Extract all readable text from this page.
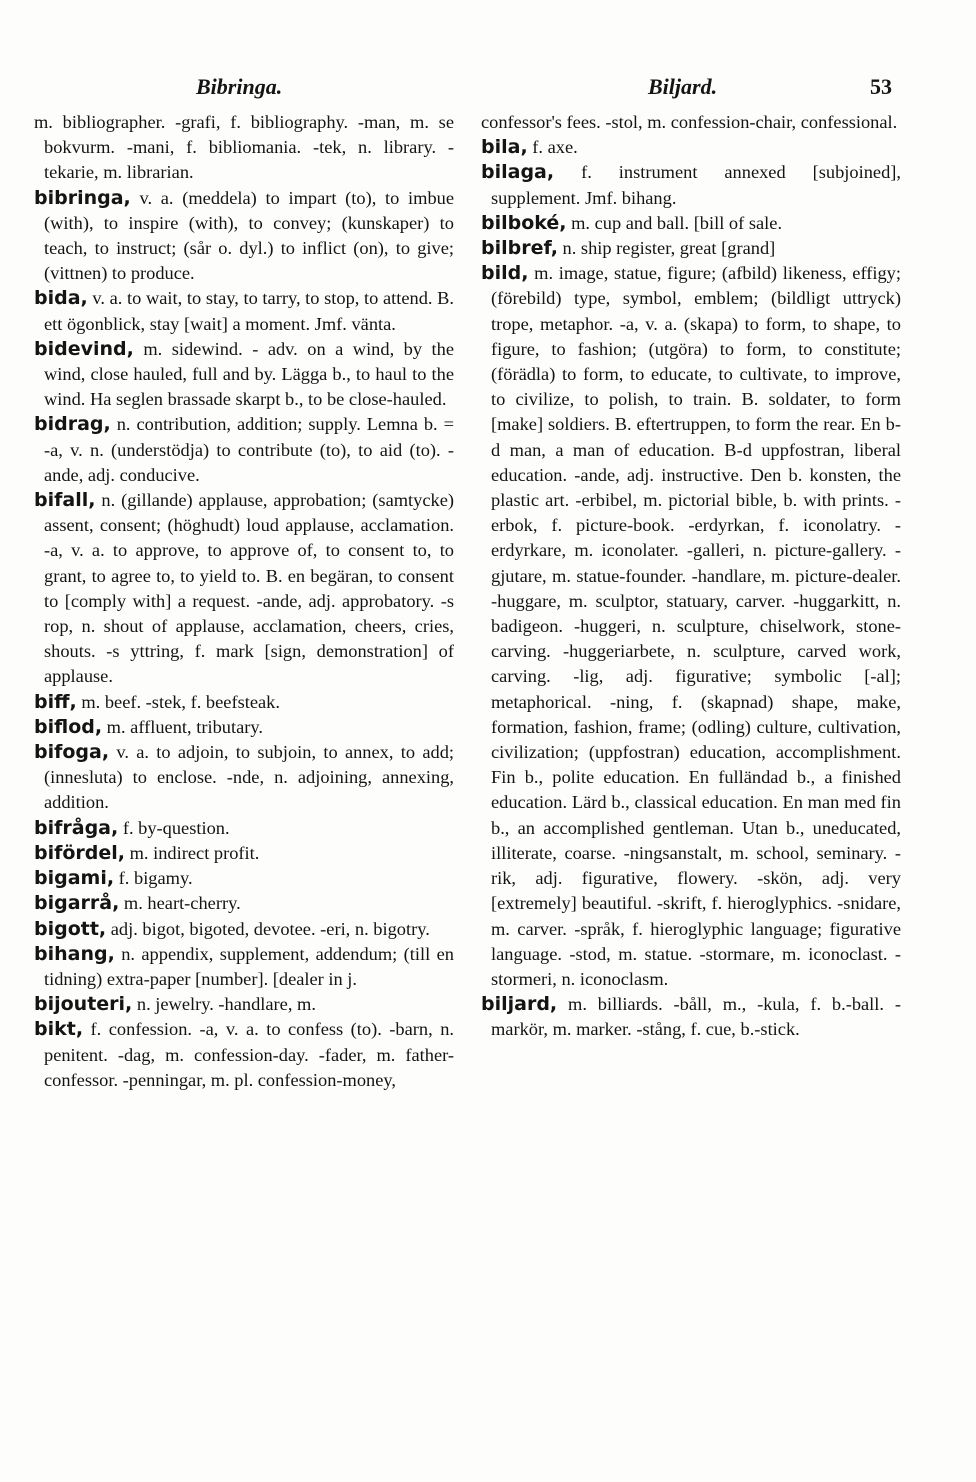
Bibringa.	Biljard.	53

m. bibliographer. -grafi, f. bibliography. -man, m. se bokvurm. -mani, f. bibliomania. -tek, n. library. -tekarie, m. librarian.

bibringa, v. a. (meddela) to impart (to), to imbue (with), to inspire (with), to convey; (kunskaper) to teach, to instruct; (sår o. dyl.) to inflict (on), to give; (vittnen) to produce.

bida, v. a. to wait, to stay, to tarry, to stop, to attend. B. ett ögonblick, stay [wait] a moment. Jmf. vänta.

bidevind, m. sidewind. - adv. on a wind, by the wind, close hauled, full and by. Lägga b., to haul to the wind. Ha seglen brassade skarpt b., to be close-hauled.

bidrag, n. contribution, addition; supply. Lemna b. = -a, v. n. (understödja) to contribute (to), to aid (to). -ande, adj. conducive.

bifall, n. (gillande) applause, approbation; (samtycke) assent, consent; (höghudt) loud applause, acclamation. -a, v. a. to approve, to approve of, to consent to, to grant, to agree to, to yield to. B. en begäran, to consent to [comply with] a request. -ande, adj. approbatory. -s rop, n. shout of applause, acclamation, cheers, cries, shouts. -s yttring, f. mark [sign, demonstration] of applause.

biff, m. beef. -stek, f. beefsteak.

biflod, m. affluent, tributary.

bifoga, v. a. to adjoin, to subjoin, to annex, to add; (innesluta) to enclose. -nde, n. adjoining, annexing, addition.

bifråga, f. by-question.

bifördel, m. indirect profit.

bigami, f. bigamy.

bigarrå, m. heart-cherry.

bigott, adj. bigot, bigoted, devotee. -eri, n. bigotry.

bihang, n. appendix, supplement, addendum; (till en tidning) extra-paper [number]. [dealer in j.

bijouteri, n. jewelry. -handlare, m.

bikt, f. confession. -a, v. a. to confess (to). -barn, n. penitent. -dag, m. confession-day. -fader, m. father-confessor. -penningar, m. pl. confession-money,

confessor's fees. -stol, m. confession-chair, confessional.

bila, f. axe.

bilaga, f. instrument annexed [subjoined], supplement. Jmf. bihang.

bilboké, m. cup and ball. [bill of sale.

bilbref, n. ship register, great [grand]

bild, m. image, statue, figure; (afbild) likeness, effigy; (förebild) type, symbol, emblem; (bildligt uttryck) trope, metaphor. -a, v. a. (skapa) to form, to shape, to figure, to fashion; (utgöra) to form, to constitute; (förädla) to form, to educate, to cultivate, to improve, to civilize, to polish, to train. B. soldater, to form [make] soldiers. B. eftertruppen, to form the rear. En b-d man, a man of education. B-d uppfostran, liberal education. -ande, adj. instructive. Den b. konsten, the plastic art. -erbibel, m. pictorial bible, b. with prints. -erbok, f. picture-book. -erdyrkan, f. iconolatry. -erdyrkare, m. iconolater. -galleri, n. picture-gallery. -gjutare, m. statue-founder. -handlare, m. picture-dealer. -huggare, m. sculptor, statuary, carver. -huggarkitt, n. badigeon. -huggeri, n. sculpture, chiselwork, stone-carving. -huggeriarbete, n. sculpture, carved work, carving. -lig, adj. figurative; symbolic [-al]; metaphorical. -ning, f. (skapnad) shape, make, formation, fashion, frame; (odling) culture, cultivation, civilization; (uppfostran) education, accomplishment. Fin b., polite education. En fulländad b., a finished education. Lärd b., classical education. En man med fin b., an accomplished gentleman. Utan b., uneducated, illiterate, coarse. -ningsanstalt, m. school, seminary. -rik, adj. figurative, flowery. -skön, adj. very [extremely] beautiful. -skrift, f. hieroglyphics. -snidare, m. carver. -språk, f. hieroglyphic language; figurative language. -stod, m. statue. -stormare, m. iconoclast. -stormeri, n. iconoclasm.

biljard, m. billiards. -båll, m., -kula, f. b.-ball. -markör, m. marker. -stång, f. cue, b.-stick.
